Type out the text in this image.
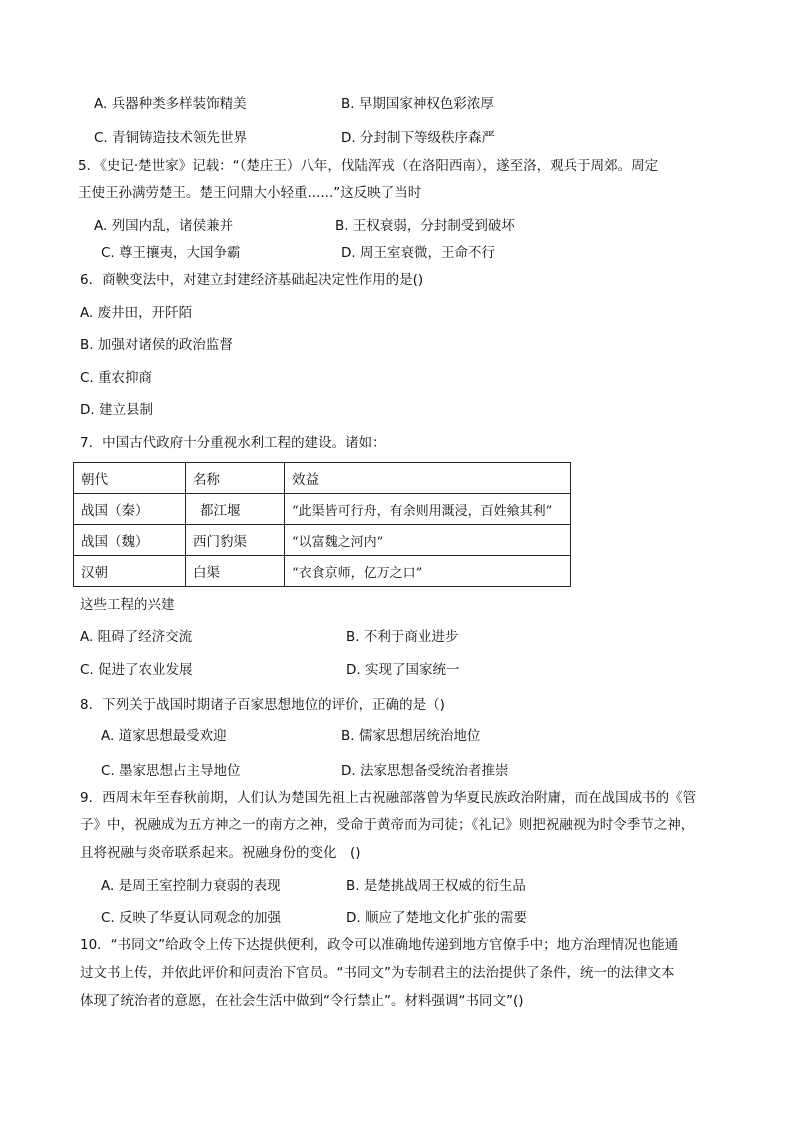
A. 兵器种类多样装饰精美	B. 早期国家神权色彩浓厚
C. 青铜铸造技术领先世界	D. 分封制下等级秩序森严
5．《史记·楚世家》记载：“（楚庄王）八年，伐陆浑戎（在洛阳西南），遂至洛，观兵于周郊。周定
王使王孙满劳楚王。楚王问鼎大小轻重......”这反映了当时
A. 列国内乱，诸侯兼并	B. 王权衰弱，分封制受到破坏
C. 尊王攘夷，大国争霸	D. 周王室衰微，王命不行
6．商鞅变法中，对建立封建经济基础起决定性作用的是()
A. 废井田，开阡陌
B. 加强对诸侯的政治监督
C. 重农抑商
D. 建立县制
7．中国古代政府十分重视水利工程的建设。诸如：
朝代	名称	效益
战国（秦）	都江堰	“此渠皆可行舟，有余则用溉浸，百姓飨其利”
战国（魏）	西门豹渠	“以富魏之河内”
汉朝	白渠	“衣食京师，亿万之口”
这些工程的兴建
A. 阻碍了经济交流	B. 不利于商业进步
C. 促进了农业发展	D. 实现了国家统一
8．下列关于战国时期诸子百家思想地位的评价，正确的是（)
A. 道家思想最受欢迎	B. 儒家思想居统治地位
C. 墨家思想占主导地位	D. 法家思想备受统治者推崇
9．西周末年至春秋前期，人们认为楚国先祖上古祝融部落曾为华夏民族政治附庸，而在战国成书的《管
子》中，祝融成为五方神之一的南方之神，受命于黄帝而为司徒；《礼记》则把祝融视为时令季节之神，
且将祝融与炎帝联系起来。祝融身份的变化　()
A. 是周王室控制力衰弱的表现	B. 是楚挑战周王权威的衍生品
C. 反映了华夏认同观念的加强	D. 顺应了楚地文化扩张的需要
10．“书同文”给政令上传下达提供便利，政令可以准确地传递到地方官僚手中；地方治理情况也能通
过文书上传，并依此评价和问责治下官员。“书同文”为专制君主的法治提供了条件，统一的法律文本
体现了统治者的意愿，在社会生活中做到“令行禁止”。材料强调“书同文”()
